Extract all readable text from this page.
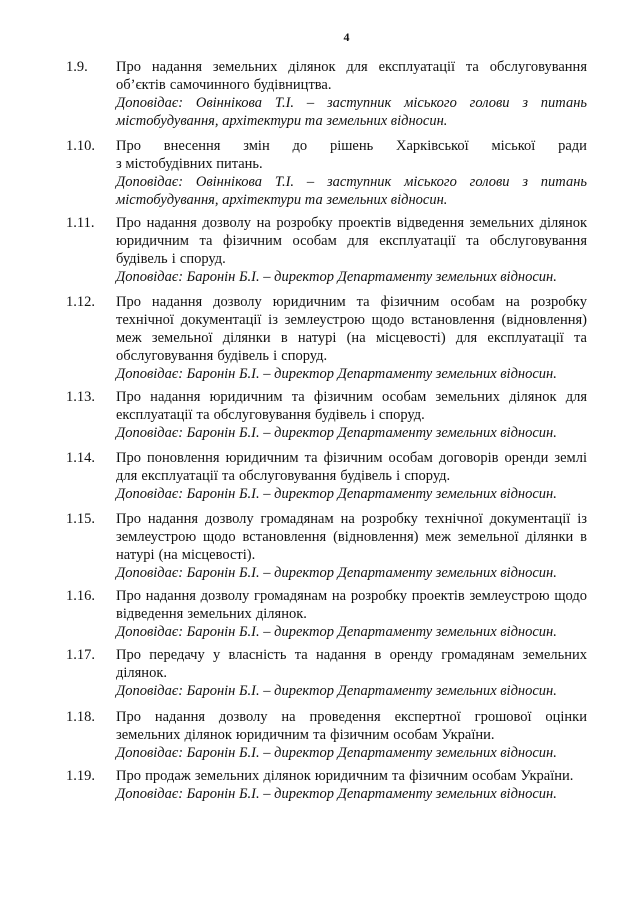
4
1.9. Про надання земельних ділянок для експлуатації та обслуговування об’єктів самочинного будівництва.
Доповідає: Овіннікова Т.І. – заступник міського голови з питань містобудування, архітектури та земельних відносин.
1.10. Про внесення змін до рішень Харківської міської ради
з містобудівних питань.
Доповідає: Овіннікова Т.І. – заступник міського голови з питань містобудування, архітектури та земельних відносин.
1.11. Про надання дозволу на розробку проектів відведення земельних ділянок юридичним та фізичним особам для експлуатації та обслуговування будівель і споруд.
Доповідає: Баронін Б.І. – директор Департаменту земельних відносин.
1.12. Про надання дозволу юридичним та фізичним особам на розробку технічної документації із землеустрою щодо встановлення (відновлення) меж земельної ділянки в натурі (на місцевості) для експлуатації та обслуговування будівель і споруд.
Доповідає: Баронін Б.І. – директор Департаменту земельних відносин.
1.13. Про надання юридичним та фізичним особам земельних ділянок для експлуатації та обслуговування будівель і споруд.
Доповідає: Баронін Б.І. – директор Департаменту земельних відносин.
1.14. Про поновлення юридичним та фізичним особам договорів оренди землі для експлуатації та обслуговування будівель і споруд.
Доповідає: Баронін Б.І. – директор Департаменту земельних відносин.
1.15. Про надання дозволу громадянам на розробку технічної документації із землеустрою щодо встановлення (відновлення) меж земельної ділянки в натурі (на місцевості).
Доповідає: Баронін Б.І. – директор Департаменту земельних відносин.
1.16. Про надання дозволу громадянам на розробку проектів землеустрою щодо відведення земельних ділянок.
Доповідає: Баронін Б.І. – директор Департаменту земельних відносин.
1.17. Про передачу у власність та надання в оренду громадянам земельних ділянок.
Доповідає: Баронін Б.І. – директор Департаменту земельних відносин.
1.18. Про надання дозволу на проведення експертної грошової оцінки земельних ділянок юридичним та фізичним особам України.
Доповідає: Баронін Б.І. – директор Департаменту земельних відносин.
1.19. Про продаж земельних ділянок юридичним та фізичним особам України.
Доповідає: Баронін Б.І. – директор Департаменту земельних відносин.
